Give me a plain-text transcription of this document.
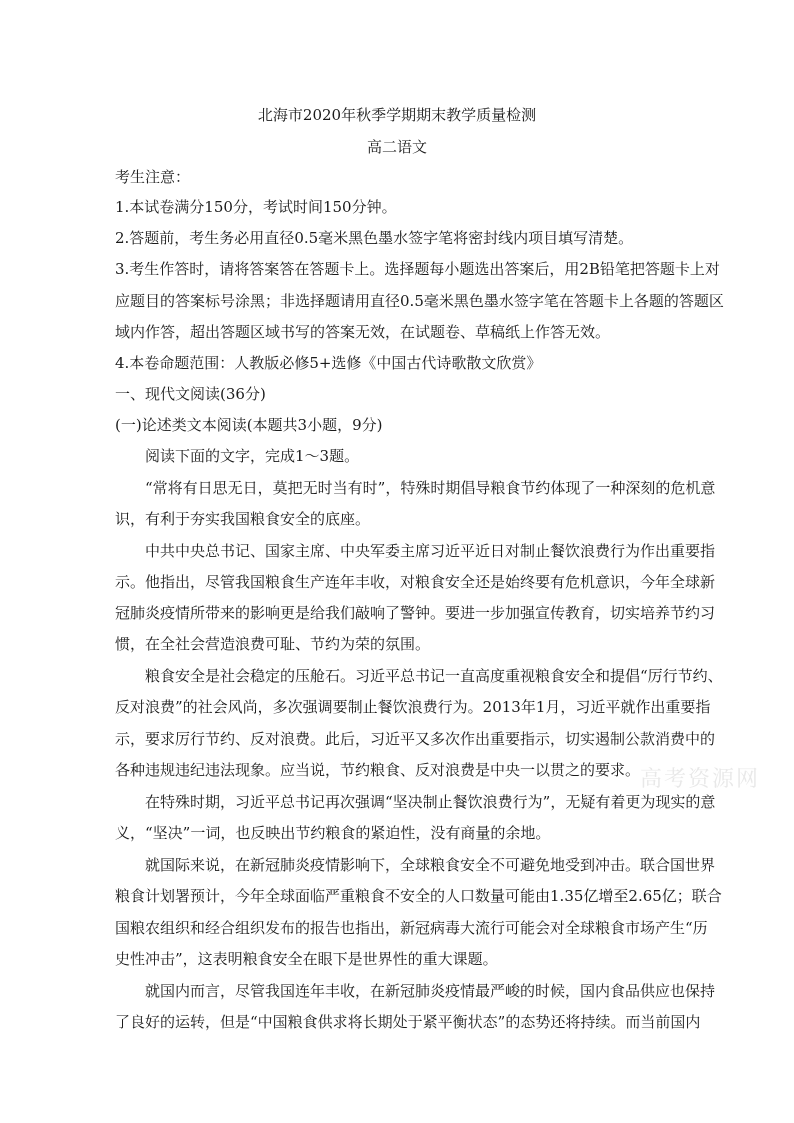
北海市2020年秋季学期期末教学质量检测
高二语文
考生注意：
1.本试卷满分150分，考试时间150分钟。
2.答题前，考生务必用直径0.5毫米黑色墨水签字笔将密封线内项目填写清楚。
3.考生作答时，请将答案答在答题卡上。选择题每小题选出答案后，用2B铅笔把答题卡上对
应题目的答案标号涂黑；非选择题请用直径0.5毫米黑色墨水签字笔在答题卡上各题的答题区
域内作答，超出答题区域书写的答案无效，在试题卷、草稿纸上作答无效。
4.本卷命题范围：人教版必修5+选修《中国古代诗歌散文欣赏》
一、现代文阅读(36分)
(一)论述类文本阅读(本题共3小题，9分)
阅读下面的文字，完成1～3题。
“常将有日思无日，莫把无时当有时”，特殊时期倡导粮食节约体现了一种深刻的危机意
识，有利于夯实我国粮食安全的底座。
中共中央总书记、国家主席、中央军委主席习近平近日对制止餐饮浪费行为作出重要指
示。他指出，尽管我国粮食生产连年丰收，对粮食安全还是始终要有危机意识，今年全球新
冠肺炎疫情所带来的影响更是给我们敲响了警钟。要进一步加强宣传教育，切实培养节约习
惯，在全社会营造浪费可耻、节约为荣的氛围。
粮食安全是社会稳定的压舱石。习近平总书记一直高度重视粮食安全和提倡“厉行节约、
反对浪费”的社会风尚，多次强调要制止餐饮浪费行为。2013年1月，习近平就作出重要指
示，要求厉行节约、反对浪费。此后，习近平又多次作出重要指示，切实遏制公款消费中的
各种违规违纪违法现象。应当说，节约粮食、反对浪费是中央一以贯之的要求。
在特殊时期，习近平总书记再次强调“坚决制止餐饮浪费行为”，无疑有着更为现实的意
义，“坚决”一词，也反映出节约粮食的紧迫性，没有商量的余地。
就国际来说，在新冠肺炎疫情影响下，全球粮食安全不可避免地受到冲击。联合国世界
粮食计划署预计，今年全球面临严重粮食不安全的人口数量可能由1.35亿增至2.65亿；联合
国粮农组织和经合组织发布的报告也指出，新冠病毒大流行可能会对全球粮食市场产生“历
史性冲击”，这表明粮食安全在眼下是世界性的重大课题。
就国内而言，尽管我国连年丰收，在新冠肺炎疫情最严峻的时候，国内食品供应也保持
了良好的运转，但是“中国粮食供求将长期处于紧平衡状态”的态势还将持续。而当前国内
高考资源网
